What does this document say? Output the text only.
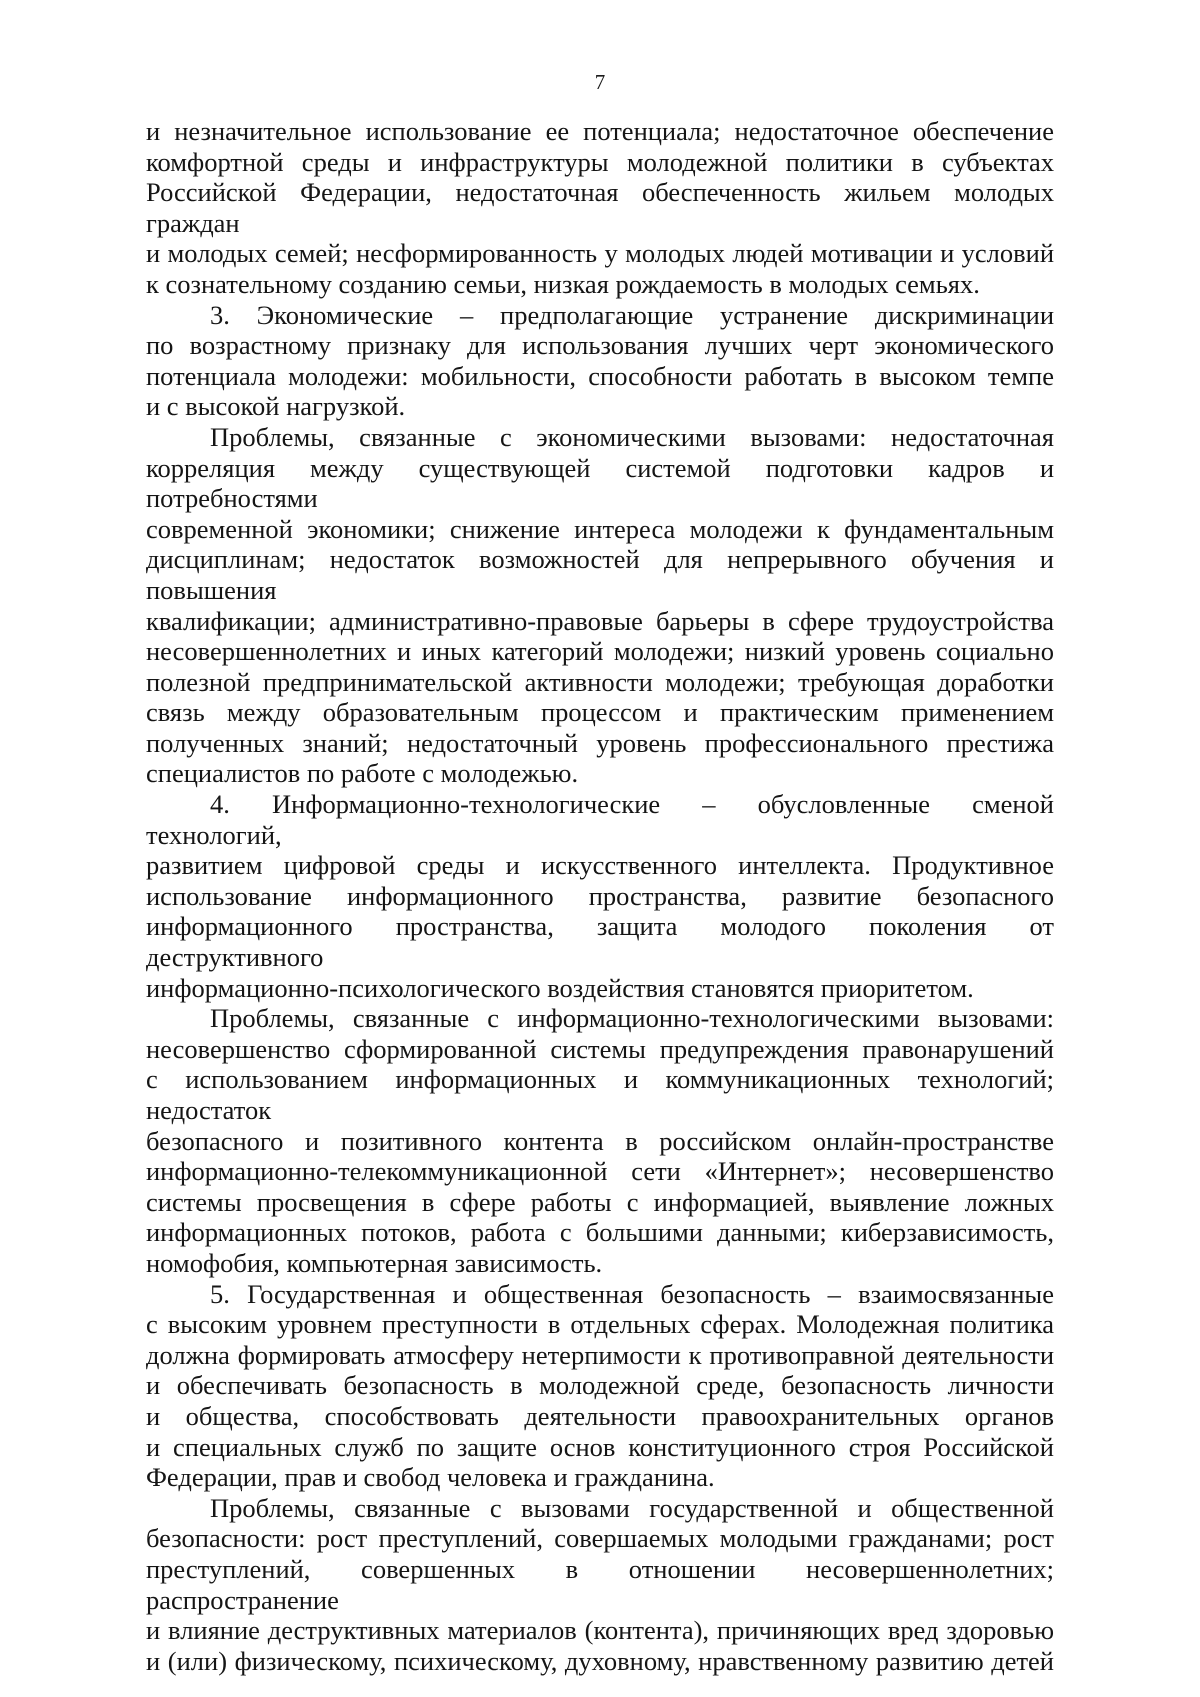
7

и незначительное использование ее потенциала; недостаточное обеспечение

комфортной среды и инфраструктуры молодежной политики в субъектах

Российской Федерации, недостаточная обеспеченность жильем молодых граждан

и молодых семей; несформированность у молодых людей мотивации и условий

к сознательному созданию семьи, низкая рождаемость в молодых семьях.

3. Экономические – предполагающие устранение дискриминации

по возрастному признаку для использования лучших черт экономического

потенциала молодежи: мобильности, способности работать в высоком темпе

и с высокой нагрузкой.

Проблемы, связанные с экономическими вызовами: недостаточная

корреляция между существующей системой подготовки кадров и потребностями

современной экономики; снижение интереса молодежи к фундаментальным

дисциплинам; недостаток возможностей для непрерывного обучения и повышения

квалификации; административно-правовые барьеры в сфере трудоустройства

несовершеннолетних и иных категорий молодежи; низкий уровень социально

полезной предпринимательской активности молодежи; требующая доработки

связь между образовательным процессом и практическим применением

полученных знаний; недостаточный уровень профессионального престижа

специалистов по работе с молодежью.

4. Информационно-технологические – обусловленные сменой технологий,

развитием цифровой среды и искусственного интеллекта. Продуктивное

использование информационного пространства, развитие безопасного

информационного пространства, защита молодого поколения от деструктивного

информационно-психологического воздействия становятся приоритетом.

Проблемы, связанные с информационно-технологическими вызовами:

несовершенство сформированной системы предупреждения правонарушений

с использованием информационных и коммуникационных технологий; недостаток

безопасного и позитивного контента в российском онлайн-пространстве

информационно-телекоммуникационной сети «Интернет»; несовершенство

системы просвещения в сфере работы с информацией, выявление ложных

информационных потоков, работа с большими данными; киберзависимость,

номофобия, компьютерная зависимость.

5. Государственная и общественная безопасность – взаимосвязанные

с высоким уровнем преступности в отдельных сферах. Молодежная политика

должна формировать атмосферу нетерпимости к противоправной деятельности

и обеспечивать безопасность в молодежной среде, безопасность личности

и общества, способствовать деятельности правоохранительных органов

и специальных служб по защите основ конституционного строя Российской

Федерации, прав и свобод человека и гражданина.

Проблемы, связанные с вызовами государственной и общественной

безопасности: рост преступлений, совершаемых молодыми гражданами; рост

преступлений, совершенных в отношении несовершеннолетних; распространение

и влияние деструктивных материалов (контента), причиняющих вред здоровью

и (или) физическому, психическому, духовному, нравственному развитию детей
